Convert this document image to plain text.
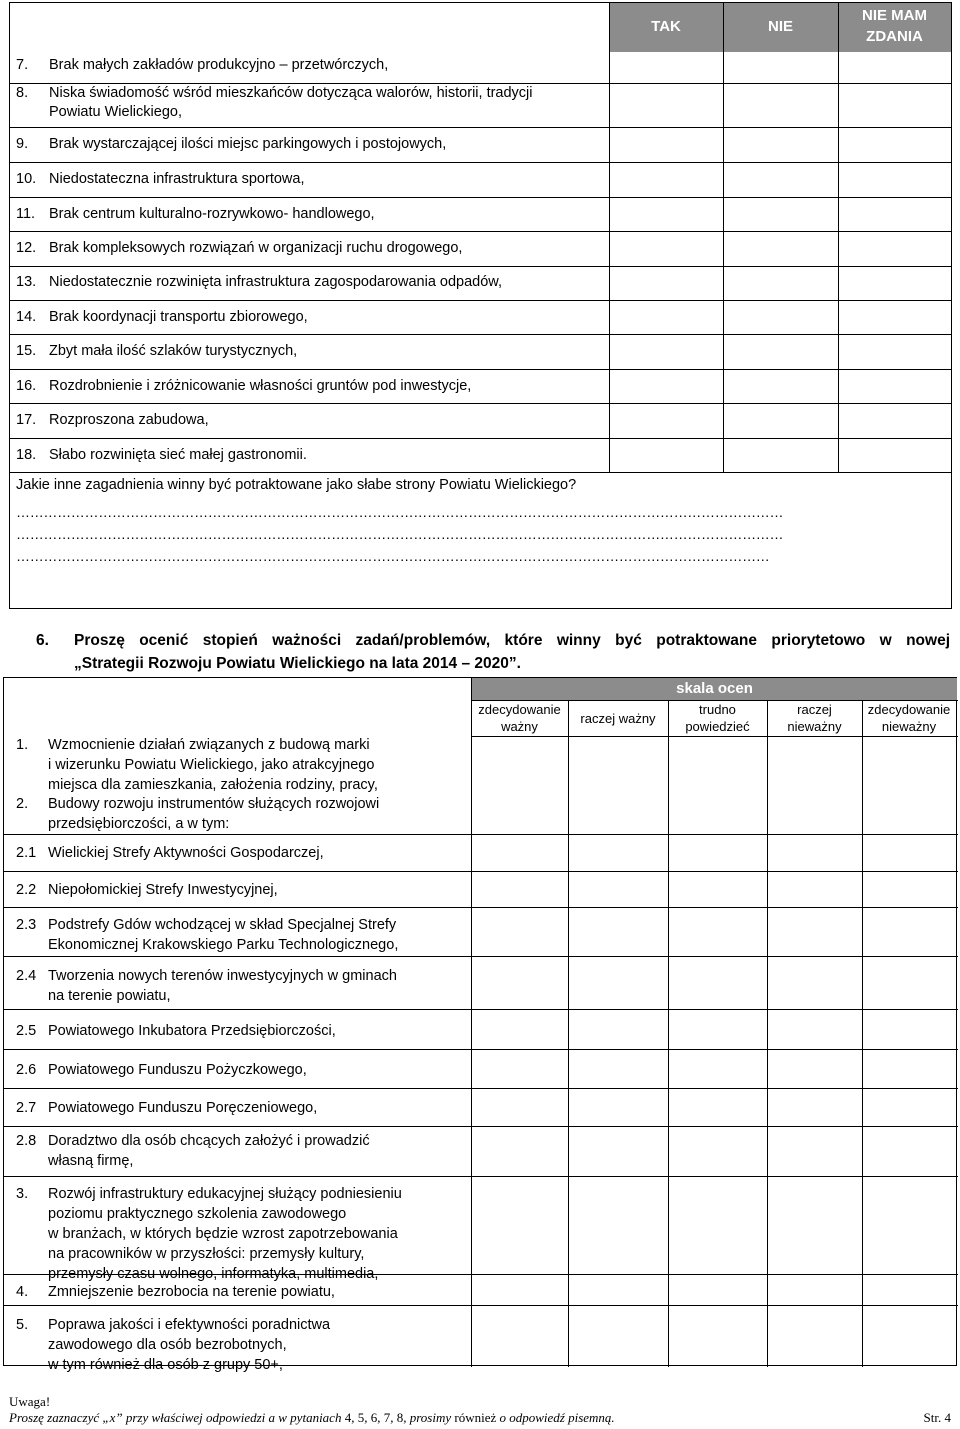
TAK	NIE
NIE MAM
ZDANIA
……………………………………………………………………………………………………………………………………………………
……………………………………………………………………………………………………………………………………………………
…………………………………………………………………………………………………………………………………………………
7. Brak małych zakładów produkcyjno – przetwórczych,
8. Niska świadomość wśród mieszkańców dotycząca walorów, historii, tradycji
Powiatu Wielickiego,
9. Brak wystarczającej ilości miejsc parkingowych i postojowych,
10. Niedostateczna infrastruktura sportowa,
11. Brak centrum kulturalno-rozrywkowo- handlowego,
12. Brak kompleksowych rozwiązań w organizacji ruchu drogowego,
13. Niedostatecznie rozwinięta infrastruktura zagospodarowania odpadów,
14. Brak koordynacji transportu zbiorowego,
15. Zbyt mała ilość szlaków turystycznych,
16. Rozdrobnienie i zróżnicowanie własności gruntów pod inwestycje,
17. Rozproszona zabudowa,
18. Słabo rozwinięta sieć małej gastronomii.
Jakie inne zagadnienia winny być potraktowane jako słabe strony Powiatu Wielickiego?
6. Proszę ocenić stopień ważności zadań/problemów, które winny być potraktowane priorytetowo w nowej
„Strategii Rozwoju Powiatu Wielickiego na lata 2014 – 2020”.
skala ocen
zdecydowanie
ważny
raczej ważny
trudno
powiedzieć
raczej
nieważny
zdecydowanie
nieważny
1. Wzmocnienie działań związanych z budową marki
i wizerunku Powiatu Wielickiego, jako atrakcyjnego
miejsca dla zamieszkania, założenia rodziny, pracy,
2. Budowy rozwoju instrumentów służących rozwojowi
przedsiębiorczości, a w tym:
2.1 Wielickiej Strefy Aktywności Gospodarczej,
2.2 Niepołomickiej Strefy Inwestycyjnej,
2.3 Podstrefy Gdów wchodzącej w skład Specjalnej Strefy
Ekonomicznej Krakowskiego Parku Technologicznego,
2.4 Tworzenia nowych terenów inwestycyjnych w gminach
na terenie powiatu,
2.5 Powiatowego Inkubatora Przedsiębiorczości,
2.6 Powiatowego Funduszu Pożyczkowego,
2.7 Powiatowego Funduszu Poręczeniowego,
2.8 Doradztwo dla osób chcących założyć i prowadzić
własną firmę,
3. Rozwój infrastruktury edukacyjnej służący podniesieniu
poziomu praktycznego szkolenia zawodowego
w branżach, w których będzie wzrost zapotrzebowania
na pracowników w przyszłości: przemysły kultury,
przemysły czasu wolnego, informatyka, multimedia,
4. Zmniejszenie bezrobocia na terenie powiatu,
5. Poprawa jakości i efektywności poradnictwa
zawodowego dla osób bezrobotnych,
w tym również dla osób z grupy 50+,
Uwaga!
Proszę zaznaczyć „x” przy właściwej odpowiedzi a w pytaniach 4, 5, 6, 7, 8, prosimy również o odpowiedź pisemną.	Str. 4
